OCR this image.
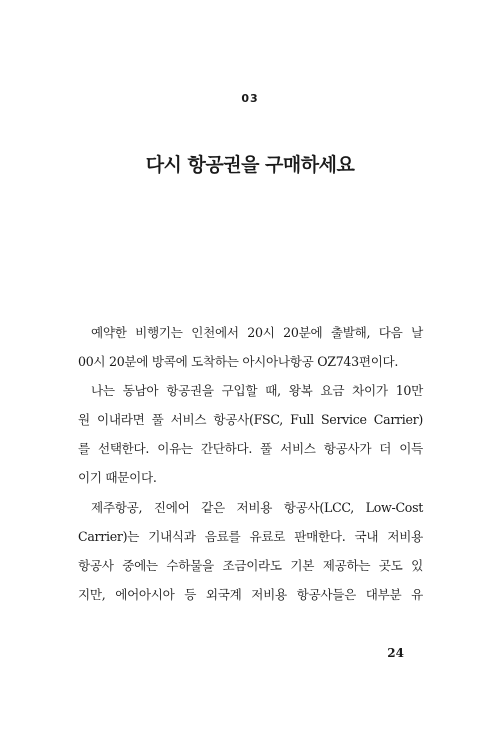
03
다시 항공권을 구매하세요
예약한 비행기는 인천에서 20시 20분에 출발해, 다음 날
00시 20분에 방콕에 도착하는 아시아나항공 OZ743편이다.
나는 동남아 항공권을 구입할 때, 왕복 요금 차이가 10만
원 이내라면 풀 서비스 항공사(FSC, Full Service Carrier)
를 선택한다. 이유는 간단하다. 풀 서비스 항공사가 더 이득
이기 때문이다.
제주항공, 진에어 같은 저비용 항공사(LCC, Low-Cost
Carrier)는 기내식과 음료를 유료로 판매한다. 국내 저비용
항공사 중에는 수하물을 조금이라도 기본 제공하는 곳도 있
지만, 에어아시아 등 외국계 저비용 항공사들은 대부분 유
24
